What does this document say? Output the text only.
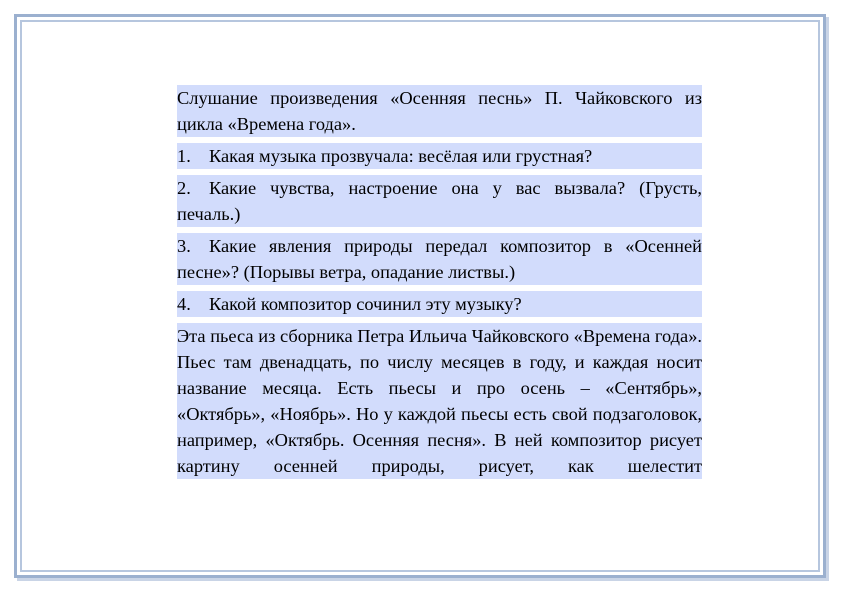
Слушание произведения «Осенняя песнь» П. Чайковского из цикла «Времена года».

1. Какая музыка прозвучала: весёлая или грустная?

2. Какие чувства, настроение она у вас вызвала? (Грусть, печаль.)

3. Какие явления природы передал композитор в «Осенней песне»? (Порывы ветра, опадание листвы.)

4. Какой композитор сочинил эту музыку?

Эта пьеса из сборника Петра Ильича Чайковского «Времена года». Пьес там двенадцать, по числу месяцев в году, и каждая носит название месяца. Есть пьесы и про осень – «Сентябрь», «Октябрь», «Ноябрь». Но у каждой пьесы есть свой подзаголовок, например, «Октябрь. Осенняя песня». В ней композитор рисует картину осенней природы, рисует, как шелестит
